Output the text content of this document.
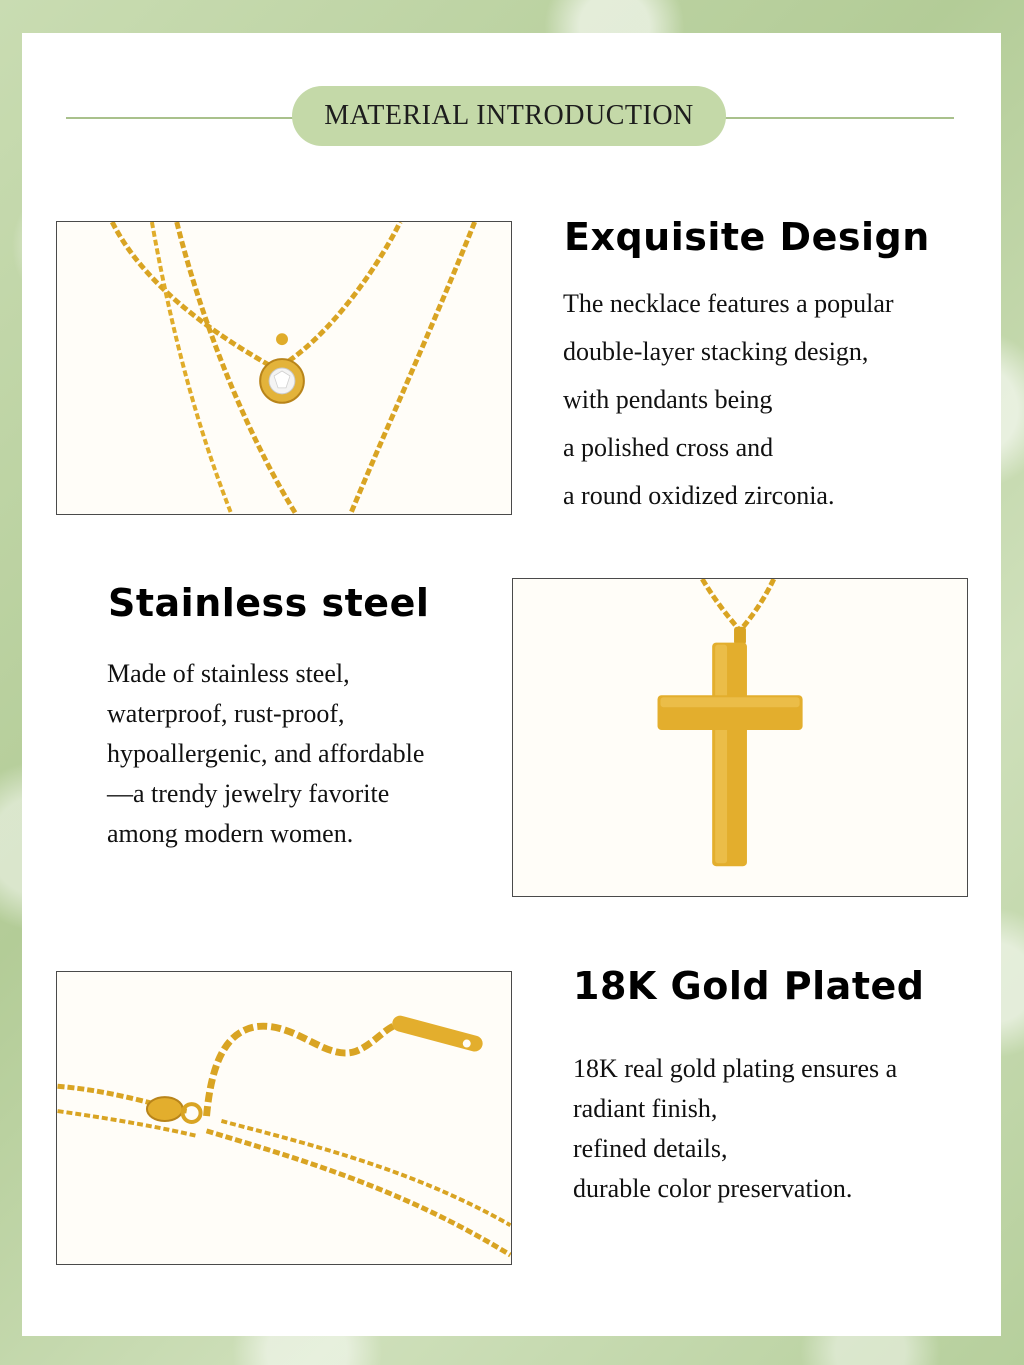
MATERIAL INTRODUCTION
Exquisite Design
The necklace features a popular
double-layer stacking design,
with pendants being
a polished cross and
a round oxidized zirconia.
Stainless steel
Made of stainless steel,
waterproof, rust-proof,
hypoallergenic, and affordable
—a trendy jewelry favorite
among modern women.
18K Gold Plated
18K real gold plating ensures a
radiant finish,
refined details,
durable color preservation.
